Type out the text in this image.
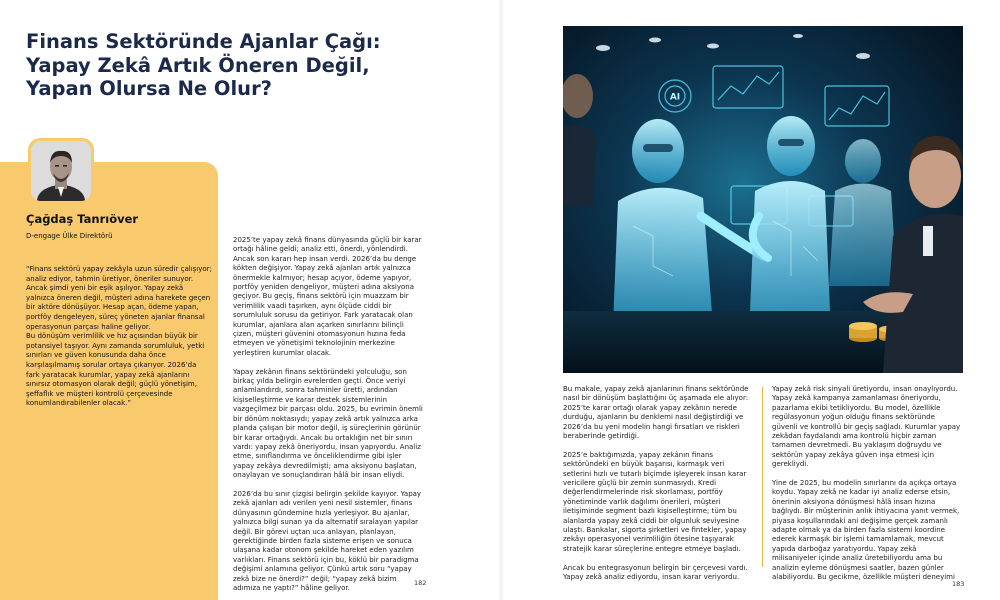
Finans Sektöründe Ajanlar Çağı:
Yapay Zekâ Artık Öneren Değil,
Yapan Olursa Ne Olur?
Çağdaş Tanrıöver
D-engage Ülke Direktörü

“Finans sektörü yapay zekâyla uzun süredir çalışıyor; analiz ediyor, tahmin üretiyor, öneriler sunuyor. Ancak şimdi yeni bir eşik aşılıyor. Yapay zekâ yalnızca öneren değil, müşteri adına harekete geçen bir aktöre dönüşüyor. Hesap açan, ödeme yapan, portföy dengeleyen, süreç yöneten ajanlar finansal operasyonun parçası haline geliyor.

Bu dönüşüm verimlilik ve hız açısından büyük bir potansiyel taşıyor. Aynı zamanda sorumluluk, yetki sınırları ve güven konusunda daha önce karşılaşılmamış sorular ortaya çıkarıyor. 2026’da fark yaratacak kurumlar, yapay zekâ ajanlarını sınırsız otomasyon olarak değil; güçlü yönetişim, şeffaflık ve müşteri kontrolü çerçevesinde konumlandırabilenler olacak.”

2025’te yapay zekâ finans dünyasında güçlü bir karar ortağı hâline geldi; analiz etti, önerdi, yönlendirdi. Ancak son kararı hep insan verdi. 2026’da bu denge kökten değişiyor. Yapay zekâ ajanları artık yalnızca önermekle kalmıyor; hesap açıyor, ödeme yapıyor, portföy yeniden dengeliyor, müşteri adına aksiyona geçiyor. Bu geçiş, finans sektörü için muazzam bir verimlilik vaadi taşırken, aynı ölçüde ciddi bir sorumluluk sorusu da getiriyor. Fark yaratacak olan kurumlar, ajanlara alan açarken sınırlarını bilinçli çizen, müşteri güvenini otomasyonun hızına feda etmeyen ve yönetişimi teknolojinin merkezine yerleştiren kurumlar olacak.

Yapay zekânın finans sektöründeki yolculuğu, son birkaç yılda belirgin evrelerden geçti. Önce veriyi anlamlandırdı, sonra tahminler üretti, ardından kişiselleştirme ve karar destek sistemlerinin vazgeçilmez bir parçası oldu. 2025, bu evrimin önemli bir dönüm noktasıydı; yapay zekâ artık yalnızca arka planda çalışan bir motor değil, iş süreçlerinin görünür bir karar ortağıydı. Ancak bu ortaklığın net bir sınırı vardı: yapay zekâ öneriyordu, insan yapıyordu. Analiz etme, sınıflandırma ve önceliklendirme gibi işler yapay zekâya devredilmişti; ama aksiyonu başlatan, onaylayan ve sonuçlandıran hâlâ bir insan eliydi.

2026’da bu sınır çizgisi belirgin şekilde kayıyor. Yapay zekâ ajanları adı verilen yeni nesil sistemler, finans dünyasının gündemine hızla yerleşiyor. Bu ajanlar, yalnızca bilgi sunan ya da alternatif sıralayan yapılar değil. Bir görevi uçtan uca anlayan, planlayan, gerektiğinde birden fazla sisteme erişen ve sonuca ulaşana kadar otonom şekilde hareket eden yazılım varlıkları. Finans sektörü için bu, köklü bir paradigma değişimi anlamına geliyor. Çünkü artık soru “yapay zekâ bize ne önerdi?” değil; “yapay zekâ bizim adımıza ne yaptı?” hâline geliyor.

182
AI

Bu makale, yapay zekâ ajanlarının finans sektöründe nasıl bir dönüşüm başlattığını üç aşamada ele alıyor: 2025’te karar ortağı olarak yapay zekânın nerede durduğu, ajanların bu denklemi nasıl değiştirdiği ve 2026’da bu yeni modelin hangi fırsatları ve riskleri beraberinde getirdiği.

2025’e baktığımızda, yapay zekânın finans sektöründeki en büyük başarısı, karmaşık veri setlerini hızlı ve tutarlı biçimde işleyerek insan karar vericilere güçlü bir zemin sunmasıydı. Kredi değerlendirmelerinde risk skorlaması, portföy yönetiminde varlık dağılımı önerileri, müşteri iletişiminde segment bazlı kişiselleştirme; tüm bu alanlarda yapay zekâ ciddi bir olgunluk seviyesine ulaştı. Bankalar, sigorta şirketleri ve fintekler, yapay zekâyı operasyonel verimliliğin ötesine taşıyarak stratejik karar süreçlerine entegre etmeye başladı.

Ancak bu entegrasyonun belirgin bir çerçevesi vardı. Yapay zekâ analiz ediyordu, insan karar veriyordu.

Yapay zekâ risk sinyali üretiyordu, insan onaylıyordu. Yapay zekâ kampanya zamanlaması öneriyordu, pazarlama ekibi tetikliyordu. Bu model, özellikle regülasyonun yoğun olduğu finans sektöründe güvenli ve kontrollü bir geçiş sağladı. Kurumlar yapay zekâdan faydalandı ama kontrolü hiçbir zaman tamamen devretmedi. Bu yaklaşım doğruydu ve sektörün yapay zekâya güven inşa etmesi için gerekliydi.

Yine de 2025, bu modelin sınırlarını da açıkça ortaya koydu. Yapay zekâ ne kadar iyi analiz ederse etsin, önerinin aksiyona dönüşmesi hâlâ insan hızına bağlıydı. Bir müşterinin anlık ihtiyacına yanıt vermek, piyasa koşullarındaki ani değişime gerçek zamanlı adapte olmak ya da birden fazla sistemi koordine ederek karmaşık bir işlemi tamamlamak, mevcut yapıda darboğaz yaratıyordu. Yapay zekâ milisaniyeler içinde analiz üretebiliyordu ama bu analizin eyleme dönüşmesi saatler, bazen günler alabiliyordu. Bu gecikme, özellikle müşteri deneyimi

183
